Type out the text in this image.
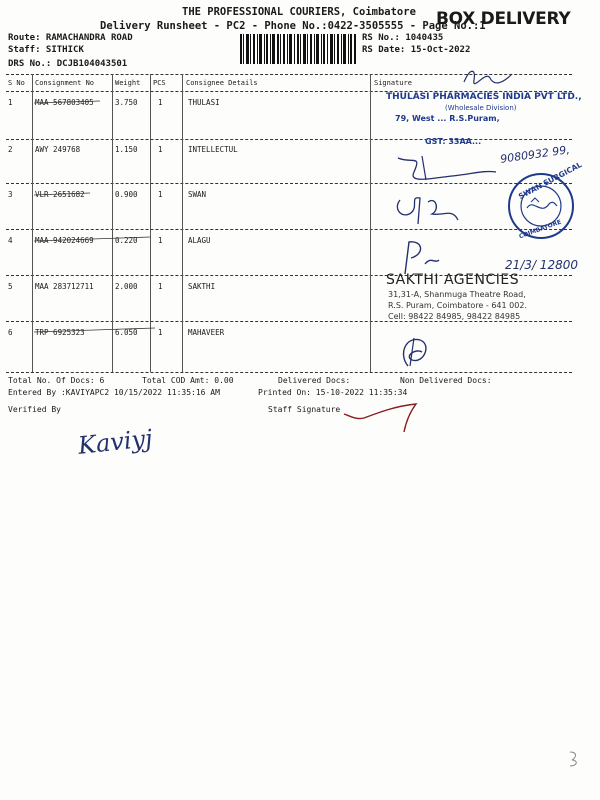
THE PROFESSIONAL COURIERS, Coimbatore
Delivery Runsheet - PC2 - Phone No.:0422-3505555 - Page No.:1
BOX DELIVERY
Route: RAMACHANDRA ROAD
Staff: SITHICK
DRS No.: DCJB104043501
RS No.: 1040435
RS Date: 15-Oct-2022
S No Consignment No	Weight PCS	Consignee Details	Signature
1	MAA 567803405	3.750	1	THULASI
2	AWY 249768	1.150	1	INTELLECTUL
3	VLR 2651682	0.900	1	SWAN
4	MAA 942024669	0.220	1	ALAGU
5	MAA 283712711	2.000	1	SAKTHI
6	TRP 6925323	6.050	1	MAHAVEER
THULASI PHARMACIES INDIA PVT LTD.,
(Wholesale Division)
79, West ... R.S.Puram,
GST: 33AA...
9080932 99,
SWAN SURGICAL
COIMBATORE
SAKTHI AGENCIES
21/3/ 12800
31,31-A, Shanmuga Theatre Road,
R.S. Puram, Coimbatore - 641 002.
Cell: 98422 84985, 98422 84985
Total No. Of Docs: 6	Total COD Amt: 0.00	Delivered Docs:	Non Delivered Docs:
Entered By :KAVIYAPC2 10/15/2022 11:35:16 AM	Printed On: 15-10-2022 11:35:34
Verified By	Staff Signature
Kaviyj
